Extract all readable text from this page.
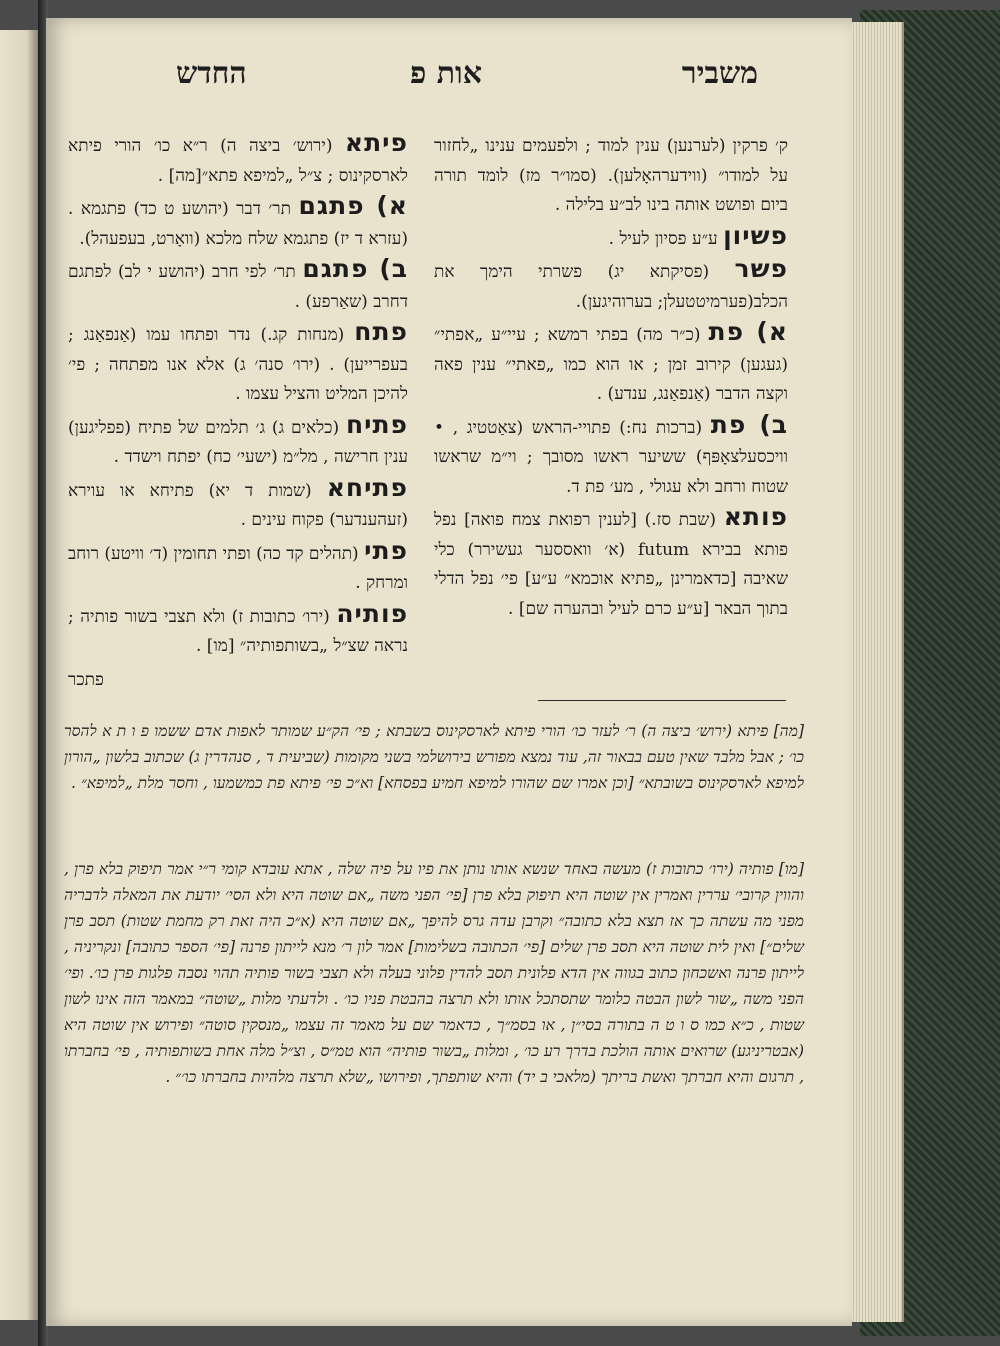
משביר
אות פ
החדש

ק׳ פרקין (לערנען) ענין למוד ; ולפעמים ענינו „לחזור על למודו״ (ווידערהאָלען). (סמו״ר מז) לומד תורה ביום ופושט אותה בינו לב״ע בלילה .

פשיון ע״ע פסיון לעיל .

פשר (פסיקתא יג) פשרתי הימך את הכלב(פערמיטטעלן; בערוהיגען).

א) פת (כ״ר מה) בפתי רמשא ; עיי״ע „אפתי״ (געגען) קירוב זמן ; או הוא כמו „פאתי״ ענין פאה וקצה הדבר (אַנפאַנג, ענדע) .

ב) פת (ברכות נח:) פתויי-הראש (צאַטטיג , • וויכסעלצאָפּף) ששיער ראשו מסובך ; וי״מ שראשו שטוח ורחב ולא עגולי , מע׳ פת ד.

פותא (שבת סז.) [לענין רפואת צמח פואה] נפל פותא בבירא futum (א׳ וואססער געשירר) כלי שאיבה [כדאמרינן „פתיא אוכמא״ ע״ע] פי׳ נפל הדלי בתוך הבאר [ע״ע כרם לעיל ובהערה שם] .

פיתא (ירוש׳ ביצה ה) ר״א כו׳ הורי פיתא לארסקינוס ; צ״ל „למיפא פתא״[מה] .

א) פתגם תר׳ דבר (יהושע ט כד) פתגמא . (עזרא ד יז) פתגמא שלח מלכא (וואָרט, בעפעהל).

ב) פתגם תר׳ לפי חרב (יהושע י לב) לפתגם דחרב (שאַרפע) .

פתח (מנחות קג.) נדר ופתחו עמו (אַנפאַנג ; בעפרייען) . (ירו׳ סנה׳ ג) אלא אנו מפתחה ; פי׳ להיכן המליט והציל עצמו .

פתיח (כלאים ג) ג׳ תלמים של פתיח (פפליגען) ענין חרישה , מל״מ (ישעי׳ כח) יפתח וישדד .

פתיחא (שמות ד יא) פתיחא או עוירא (זעהענדער) פקוח עינים .

פתי (תהלים קד כה) ופתי תחומין (ד׳ וויטע) רוחב ומרחק .

פותיה (ירו׳ כתובות ז) ולא תצבי בשור פותיה ; נראה שצ״ל „בשותפותיה״ [מו] .

פתכר

[מה] פיתא (ירוש׳ ביצה ה) ר׳ לעזר כו׳ הורי פיתא לארסקינוס בשבתא ; פי׳ הק״ע שמותר לאפות אדם ששמו פ ו ת א להסר כו׳ ; אבל מלבד שאין טעם בבאור זה, עוד נמצא מפורש בירושלמי בשני מקומות (שביעית ד , סנהדרין ג) שכתוב בלשון „הורון למיפא לארסקינוס בשובתא״ [וכן אמרו שם שהורו למיפא חמיע בפסחא] וא״כ פי׳ פיתא פת כמשמעו , וחסר מלת „למיפא״ .
[מו] פותיה (ירו׳ כתובות ז) מעשה באחד שנשא אותו נותן את פיו על פיה שלה , אתא עובדא קומי ר״י אמר תיפוק בלא פרן , והווין קרובי׳ עררין ואמרין אין שוטה היא תיפוק בלא פרן [פי׳ הפני משה „אם שוטה היא ולא הסי׳ יודעת את המאלה לדבריה מפני מה עשתה כך אז תצא בלא כתובה״ וקרבן עדה גרס להיפך „אם שוטה היא (א״כ היה זאת רק מחמת שטות) תסב פרן שלים״] ואין לית שוטה היא תסב פרן שלים [פי׳ הכתובה בשלימות] אמר לון ר׳ מנא לייתון פרנה [פי׳ הספר כתובה] ונקריניה , לייתון פרנה ואשכחון כתוב בגווה אין הדא פלונית תסב להדין פלוני בעלה ולא תצבי בשור פותיה תהוי נסבה פלגות פרן כו׳. ופי׳ הפני משה „שור לשון הבטה כלומר שתסתכל אותו ולא תרצה בהבטת פניו כו׳ . ולדעתי מלות „שוטה״ במאמר הזה אינו לשון שטות , כ״א כמו ס ו ט ה בתורה בסי״ן , או בסמ״ך , כדאמר שם על מאמר זה עצמו „מנסקין סוטה״ ופירוש אין שוטה היא (אבטריניגע) שרואים אותה הולכת בדרך רע כו׳ , ומלות „בשור פותיה״ הוא טמ״ס , וצ״ל מלה אחת בשותפותיה , פי׳ בחברתו , תרגום והיא חברתך ואשת בריתך (מלאכי ב יד) והיא שותפתך, ופירושו „שלא תרצה מלהיות בחברתו כו׳״ .
